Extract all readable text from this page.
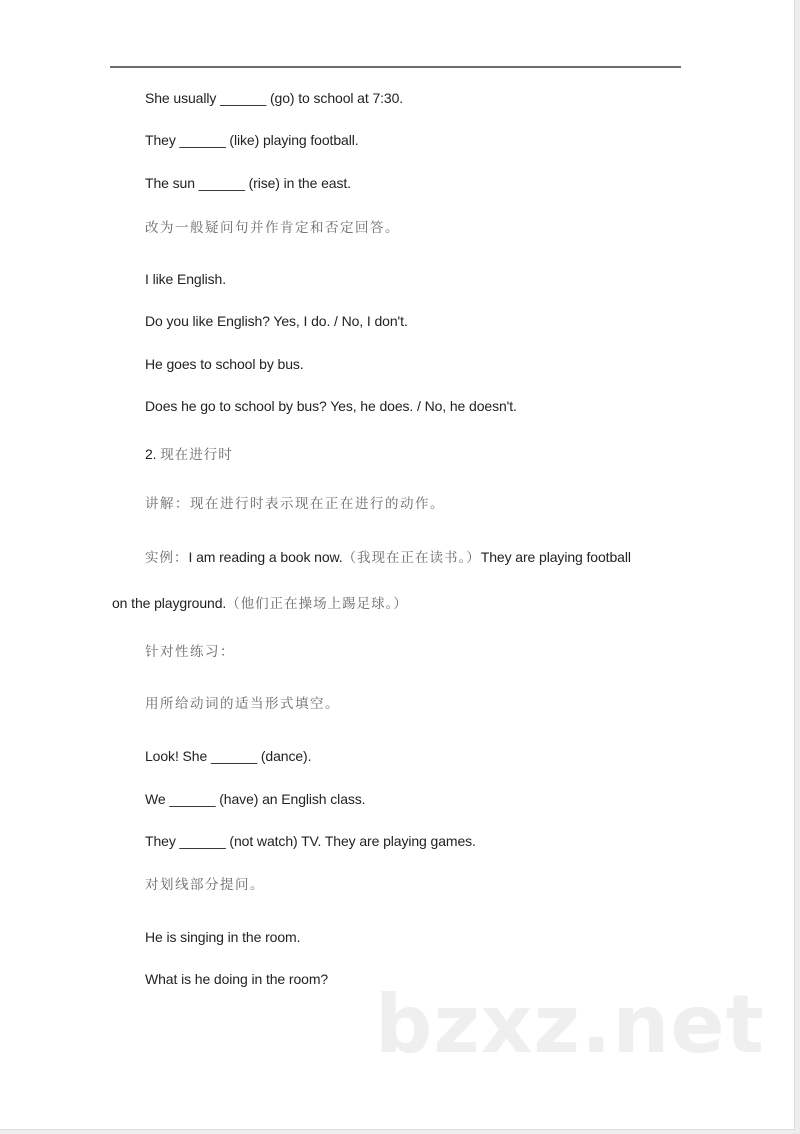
She usually ______ (go) to school at 7:30.
They ______ (like) playing football.
The sun ______ (rise) in the east.
改为一般疑问句并作肯定和否定回答。
I like English.
Do you like English? Yes, I do. / No, I don't.
He goes to school by bus.
Does he go to school by bus? Yes, he does. / No, he doesn't.
2. 现在进行时
讲解：现在进行时表示现在正在进行的动作。
实例：I am reading a book now.（我现在正在读书。）They are playing football
on the playground.（他们正在操场上踢足球。）
针对性练习：
用所给动词的适当形式填空。
Look! She ______ (dance).
We ______ (have) an English class.
They ______ (not watch) TV. They are playing games.
对划线部分提问。
He is singing in the room.
What is he doing in the room? bzxz.net
